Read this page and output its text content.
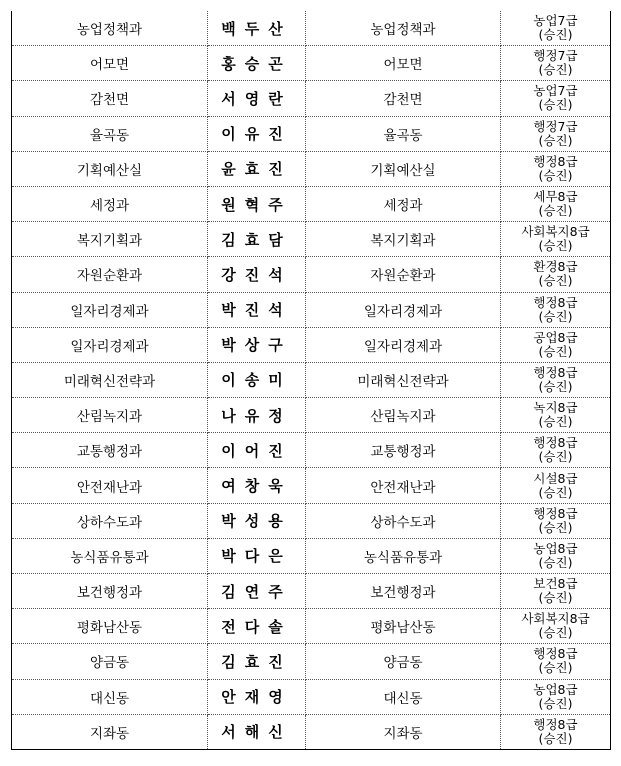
농업정책과	백두산	농업정책과	농업7급
(승진)

어모면	홍승곤	어모면	행정7급
(승진)

감천면	서영란	감천면	농업7급
(승진)

율곡동	이유진	율곡동	행정7급
(승진)

기획예산실	윤효진	기획예산실	행정8급
(승진)

세정과	원혁주	세정과	세무8급
(승진)

복지기획과	김효담	복지기획과	사회복지8급
(승진)

자원순환과	강진석	자원순환과	환경8급
(승진)

일자리경제과	박진석	일자리경제과	행정8급
(승진)

일자리경제과	박상구	일자리경제과	공업8급
(승진)

미래혁신전략과	이송미	미래혁신전략과	행정8급
(승진)

산림녹지과	나유정	산림녹지과	녹지8급
(승진)

교통행정과	이어진	교통행정과	행정8급
(승진)

안전재난과	여창욱	안전재난과	시설8급
(승진)

상하수도과	박성용	상하수도과	행정8급
(승진)

농식품유통과	박다은	농식품유통과	농업8급
(승진)

보건행정과	김연주	보건행정과	보건8급
(승진)

평화남산동	전다솔	평화남산동	사회복지8급
(승진)

양금동	김효진	양금동	행정8급
(승진)

대신동	안재영	대신동	농업8급
(승진)

지좌동	서해신	지좌동	행정8급
(승진)
